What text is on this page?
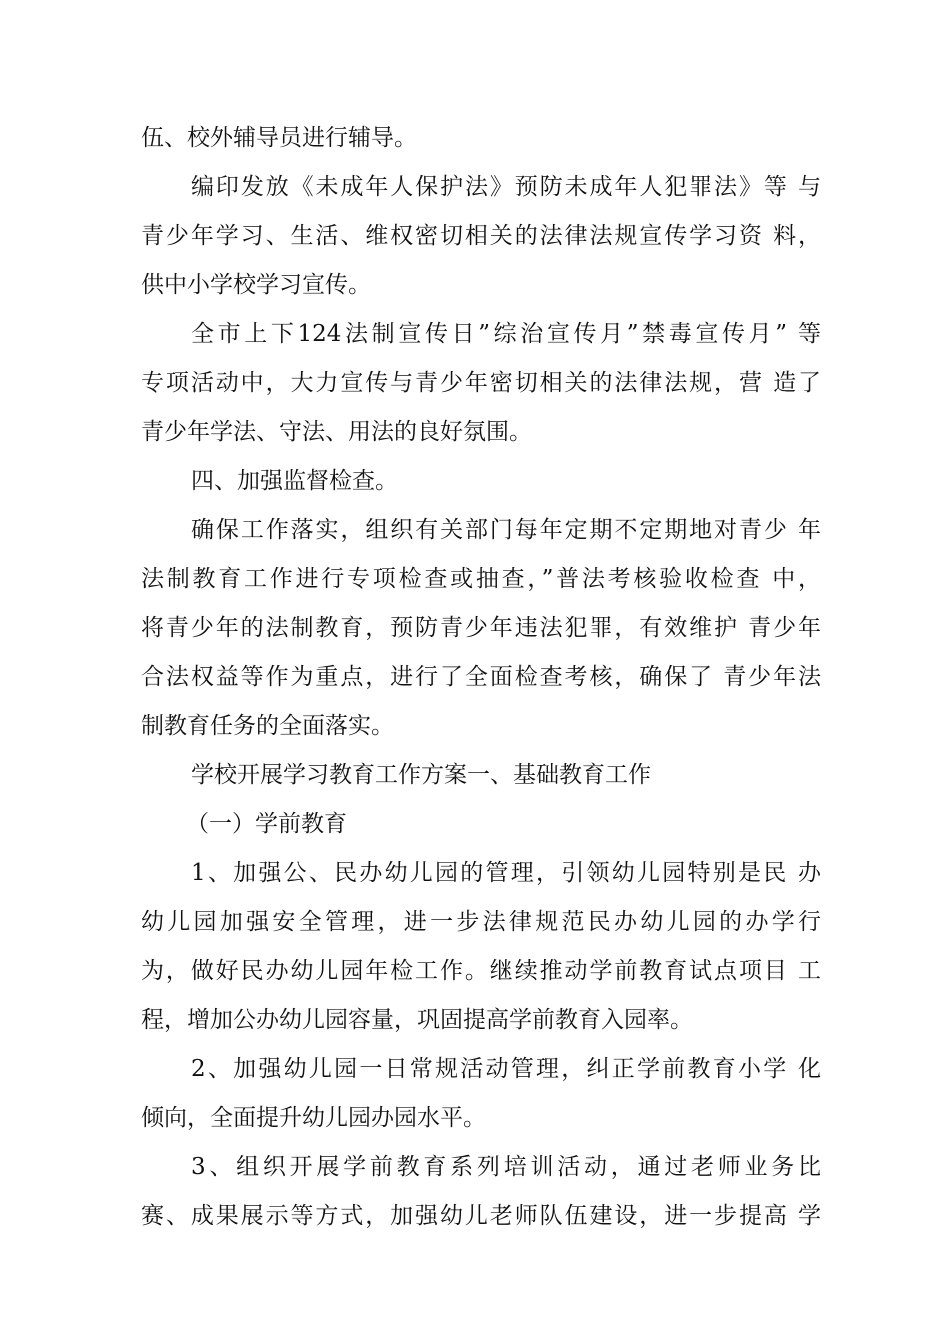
伍、校外辅导员进行辅导。
编印发放《未成年人保护法》预防未成年人犯罪法》等 与
青少年学习、生活、维权密切相关的法律法规宣传学习资 料，
供中小学校学习宣传。
全市上下124法制宣传日”综治宣传月”禁毒宣传月” 等
专项活动中，大力宣传与青少年密切相关的法律法规，营 造了
青少年学法、守法、用法的良好氛围。
四、加强监督检查。
确保工作落实，组织有关部门每年定期不定期地对青少 年
法制教育工作进行专项检查或抽查，”普法考核验收检查 中，
将青少年的法制教育，预防青少年违法犯罪，有效维护 青少年
合法权益等作为重点，进行了全面检查考核，确保了 青少年法
制教育任务的全面落实。
学校开展学习教育工作方案一、基础教育工作
（一）学前教育
1、加强公、民办幼儿园的管理，引领幼儿园特别是民 办
幼儿园加强安全管理，进一步法律规范民办幼儿园的办学行
为，做好民办幼儿园年检工作。继续推动学前教育试点项目 工
程，增加公办幼儿园容量，巩固提高学前教育入园率。
2、加强幼儿园一日常规活动管理，纠正学前教育小学 化
倾向，全面提升幼儿园办园水平。
3、组织开展学前教育系列培训活动，通过老师业务比
赛、成果展示等方式，加强幼儿老师队伍建设，进一步提高 学
